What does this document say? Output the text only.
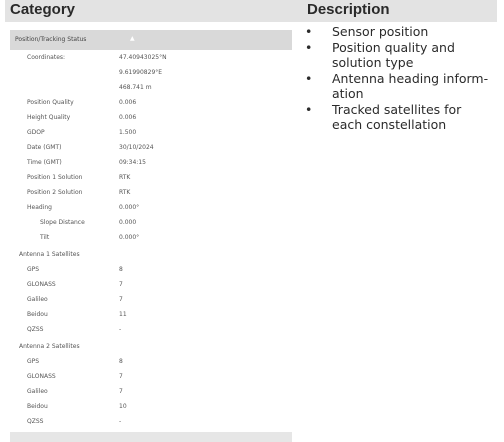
Category	Description
Position/Tracking Status	▲
Coordinates:	47.40943025°N
9.61990829°E
468.741 m
Position Quality	0.006
Height Quality	0.006
GDOP	1.500
Date (GMT)	30/10/2024
Time (GMT)	09:34:15
Position 1 Solution	RTK
Position 2 Solution	RTK
Heading	0.000°
Slope Distance	0.000
Tilt	0.000°
Antenna 1 Satellites
GPS	8
GLONASS	7
Galileo	7
Beidou	11
QZSS	-
Antenna 2 Satellites
GPS	8
GLONASS	7
Galileo	7
Beidou	10
QZSS	-
• Sensor position
• Position quality and
solution type
• Antenna heading inform-
ation
• Tracked satellites for
each constellation
